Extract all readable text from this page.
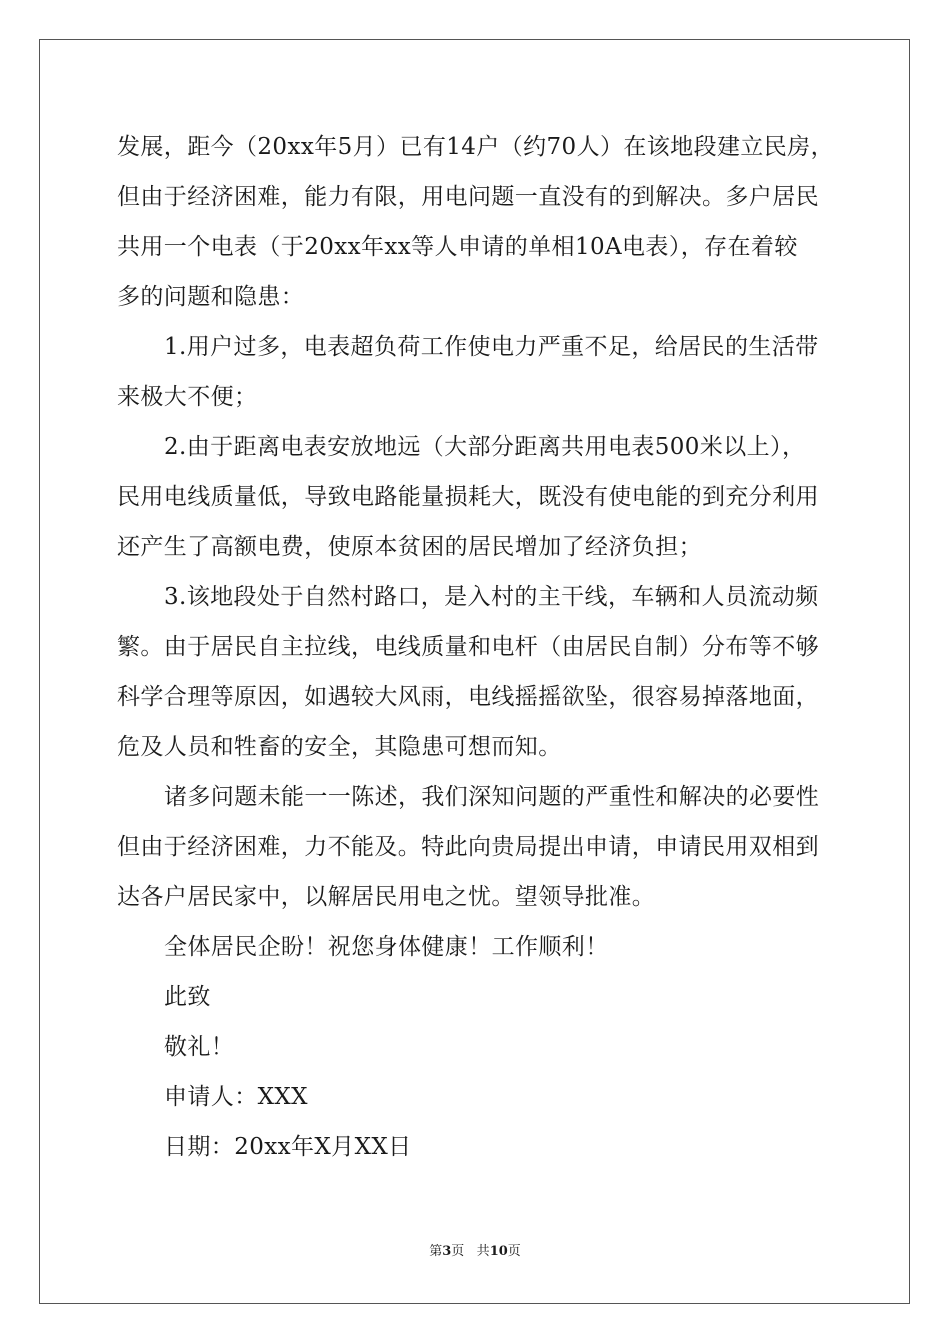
发展，距今（20xx年5月）已有14户（约70人）在该地段建立民房，
但由于经济困难，能力有限，用电问题一直没有的到解决。多户居民
共用一个电表（于20xx年xx等人申请的单相10A电表），存在着较
多的问题和隐患：
1.用户过多，电表超负荷工作使电力严重不足，给居民的生活带
来极大不便；
2.由于距离电表安放地远（大部分距离共用电表500米以上），
民用电线质量低，导致电路能量损耗大，既没有使电能的到充分利用
还产生了高额电费，使原本贫困的居民增加了经济负担；
3.该地段处于自然村路口，是入村的主干线，车辆和人员流动频
繁。由于居民自主拉线，电线质量和电杆（由居民自制）分布等不够
科学合理等原因，如遇较大风雨，电线摇摇欲坠，很容易掉落地面，
危及人员和牲畜的安全，其隐患可想而知。
诸多问题未能一一陈述，我们深知问题的严重性和解决的必要性
但由于经济困难，力不能及。特此向贵局提出申请，申请民用双相到
达各户居民家中，以解居民用电之忧。望领导批准。
全体居民企盼！祝您身体健康！工作顺利！
此致
敬礼！
申请人：XXX
日期：20xx年X月XX日
第3页 共10页
